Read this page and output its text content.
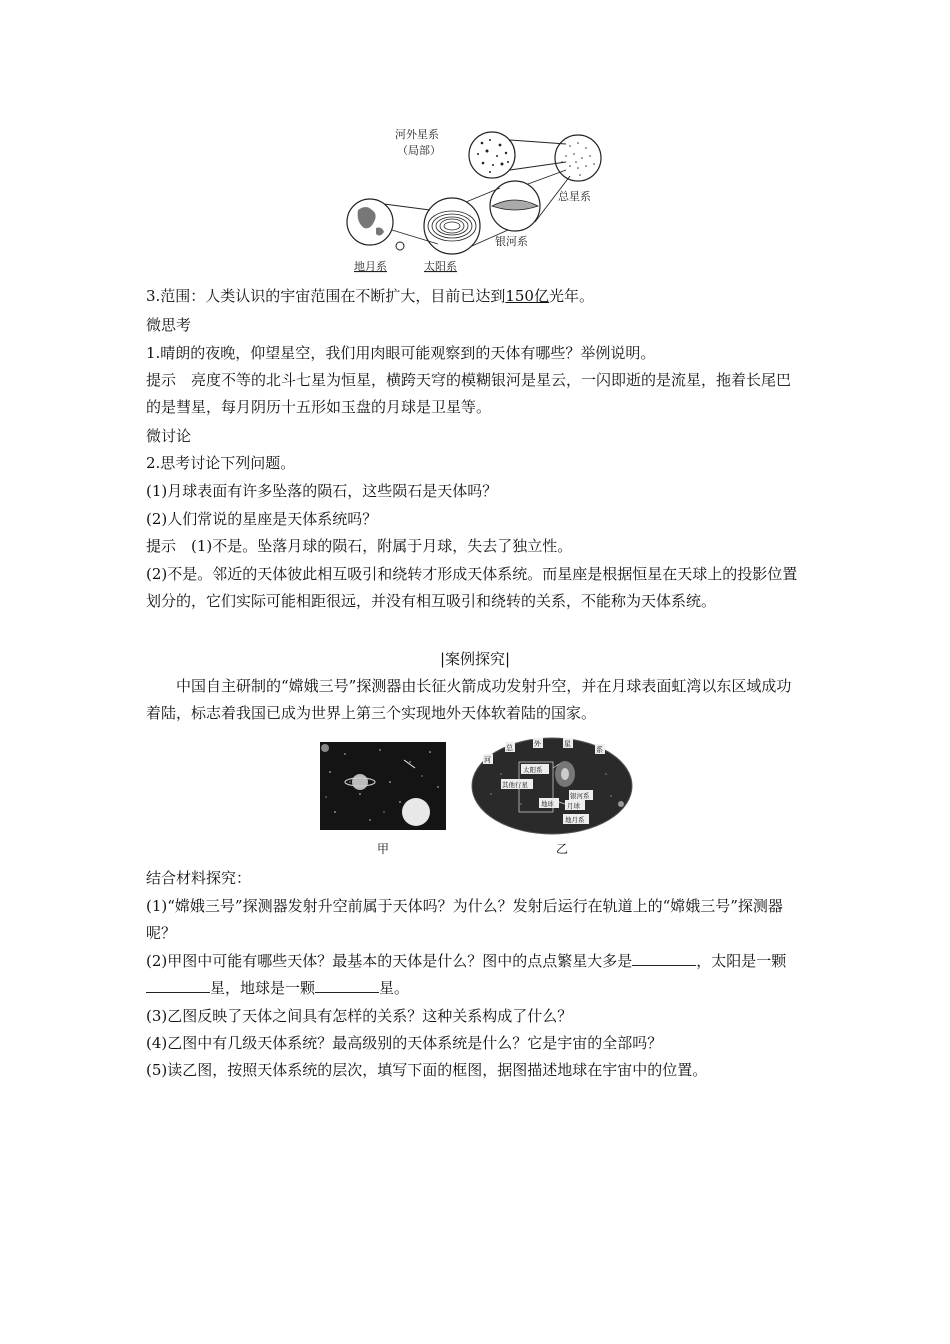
河外星系
（局部）
总星系
银河系
地月系	太阳系

3.范围：人类认识的宇宙范围在不断扩大，目前已达到150亿光年。

微思考

1.晴朗的夜晚，仰望星空，我们用肉眼可能观察到的天体有哪些？举例说明。

提示  亮度不等的北斗七星为恒星，横跨天穹的模糊银河是星云，一闪即逝的是流星，拖着长尾巴的是彗星，每月阴历十五形如玉盘的月球是卫星等。

微讨论

2.思考讨论下列问题。

(1)月球表面有许多坠落的陨石，这些陨石是天体吗？

(2)人们常说的星座是天体系统吗？

提示  (1)不是。坠落月球的陨石，附属于月球，失去了独立性。

(2)不是。邻近的天体彼此相互吸引和绕转才形成天体系统。而星座是根据恒星在天球上的投影位置划分的，它们实际可能相距很远，并没有相互吸引和绕转的关系，不能称为天体系统。

|案例探究|

中国自主研制的“嫦娥三号”探测器由长征火箭成功发射升空，并在月球表面虹湾以东区域成功着陆，标志着我国已成为世界上第三个实现地外天体软着陆的国家。

甲
河
总	外	星
系
太阳系
其他行星
银河系
地球 月球
地月系
乙

结合材料探究：

(1)“嫦娥三号”探测器发射升空前属于天体吗？为什么？发射后运行在轨道上的“嫦娥三号”探测器呢？

(2)甲图中可能有哪些天体？最基本的天体是什么？图中的点点繁星大多是	，太阳是一颗星，地球是一颗	星。

(3)乙图反映了天体之间具有怎样的关系？这种关系构成了什么？

(4)乙图中有几级天体系统？最高级别的天体系统是什么？它是宇宙的全部吗？

(5)读乙图，按照天体系统的层次，填写下面的框图，据图描述地球在宇宙中的位置。
